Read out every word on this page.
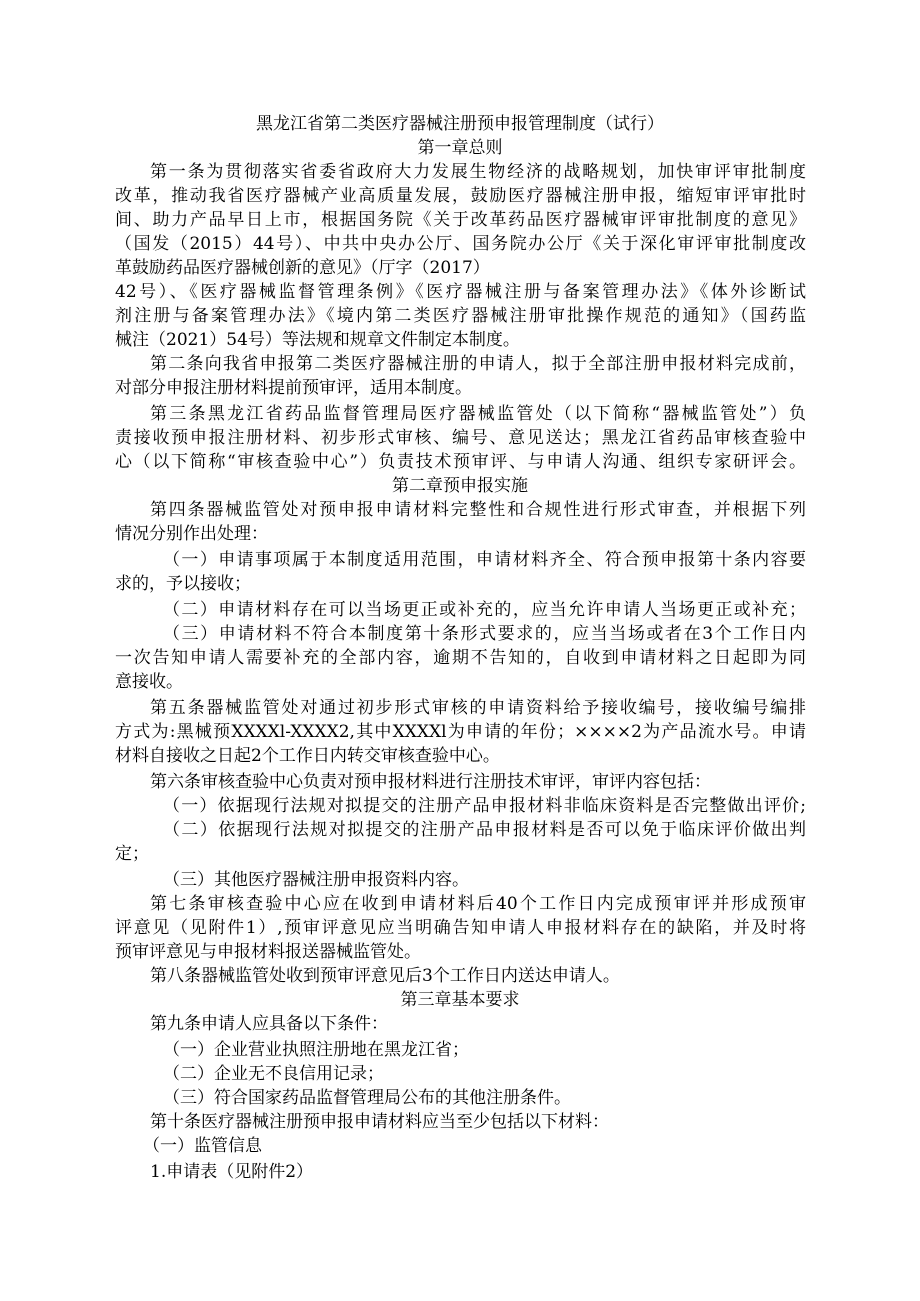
黑龙江省第二类医疗器械注册预申报管理制度（试行）
第一章总则
第一条为贯彻落实省委省政府大力发展生物经济的战略规划，加快审评审批制度
改革，推动我省医疗器械产业高质量发展，鼓励医疗器械注册申报，缩短审评审批时
间、助力产品早日上市，根据国务院《关于改革药品医疗器械审评审批制度的意见》
（国发（2015）44号）、中共中央办公厅、国务院办公厅《关于深化审评审批制度改
革鼓励药品医疗器械创新的意见》（厅字（2017）
42号）、《医疗器械监督管理条例》《医疗器械注册与备案管理办法》《体外诊断试
剂注册与备案管理办法》《境内第二类医疗器械注册审批操作规范的通知》（国药监
械注（2021）54号）等法规和规章文件制定本制度。
第二条向我省申报第二类医疗器械注册的申请人，拟于全部注册申报材料完成前，
对部分申报注册材料提前预审评，适用本制度。
第三条黑龙江省药品监督管理局医疗器械监管处（以下简称“器械监管处”）负
责接收预申报注册材料、初步形式审核、编号、意见送达；黑龙江省药品审核查验中
心（以下简称“审核查验中心”）负责技术预审评、与申请人沟通、组织专家研评会。
第二章预申报实施
第四条器械监管处对预申报申请材料完整性和合规性进行形式审查，并根据下列
情况分别作出处理：
（一）申请事项属于本制度适用范围，申请材料齐全、符合预申报第十条内容要
求的，予以接收；
（二）申请材料存在可以当场更正或补充的，应当允许申请人当场更正或补充；
（三）申请材料不符合本制度第十条形式要求的，应当当场或者在3个工作日内
一次告知申请人需要补充的全部内容，逾期不告知的，自收到申请材料之日起即为同
意接收。
第五条器械监管处对通过初步形式审核的申请资料给予接收编号，接收编号编排
方式为:黑械预XXXXl-XXXX2,其中XXXXl为申请的年份；××××2为产品流水号。申请
材料自接收之日起2个工作日内转交审核查验中心。
第六条审核查验中心负责对预申报材料进行注册技术审评，审评内容包括：
（一）依据现行法规对拟提交的注册产品申报材料非临床资料是否完整做出评价;
（二）依据现行法规对拟提交的注册产品申报材料是否可以免于临床评价做出判
定；
（三）其他医疗器械注册申报资料内容。
第七条审核查验中心应在收到申请材料后40个工作日内完成预审评并形成预审
评意见（见附件1）,预审评意见应当明确告知申请人申报材料存在的缺陷，并及时将
预审评意见与申报材料报送器械监管处。
第八条器械监管处收到预审评意见后3个工作日内送达申请人。
第三章基本要求
第九条申请人应具备以下条件：
（一）企业营业执照注册地在黑龙江省；
（二）企业无不良信用记录；
（三）符合国家药品监督管理局公布的其他注册条件。
第十条医疗器械注册预申报申请材料应当至少包括以下材料：
（一）监管信息
1.申请表（见附件2）
